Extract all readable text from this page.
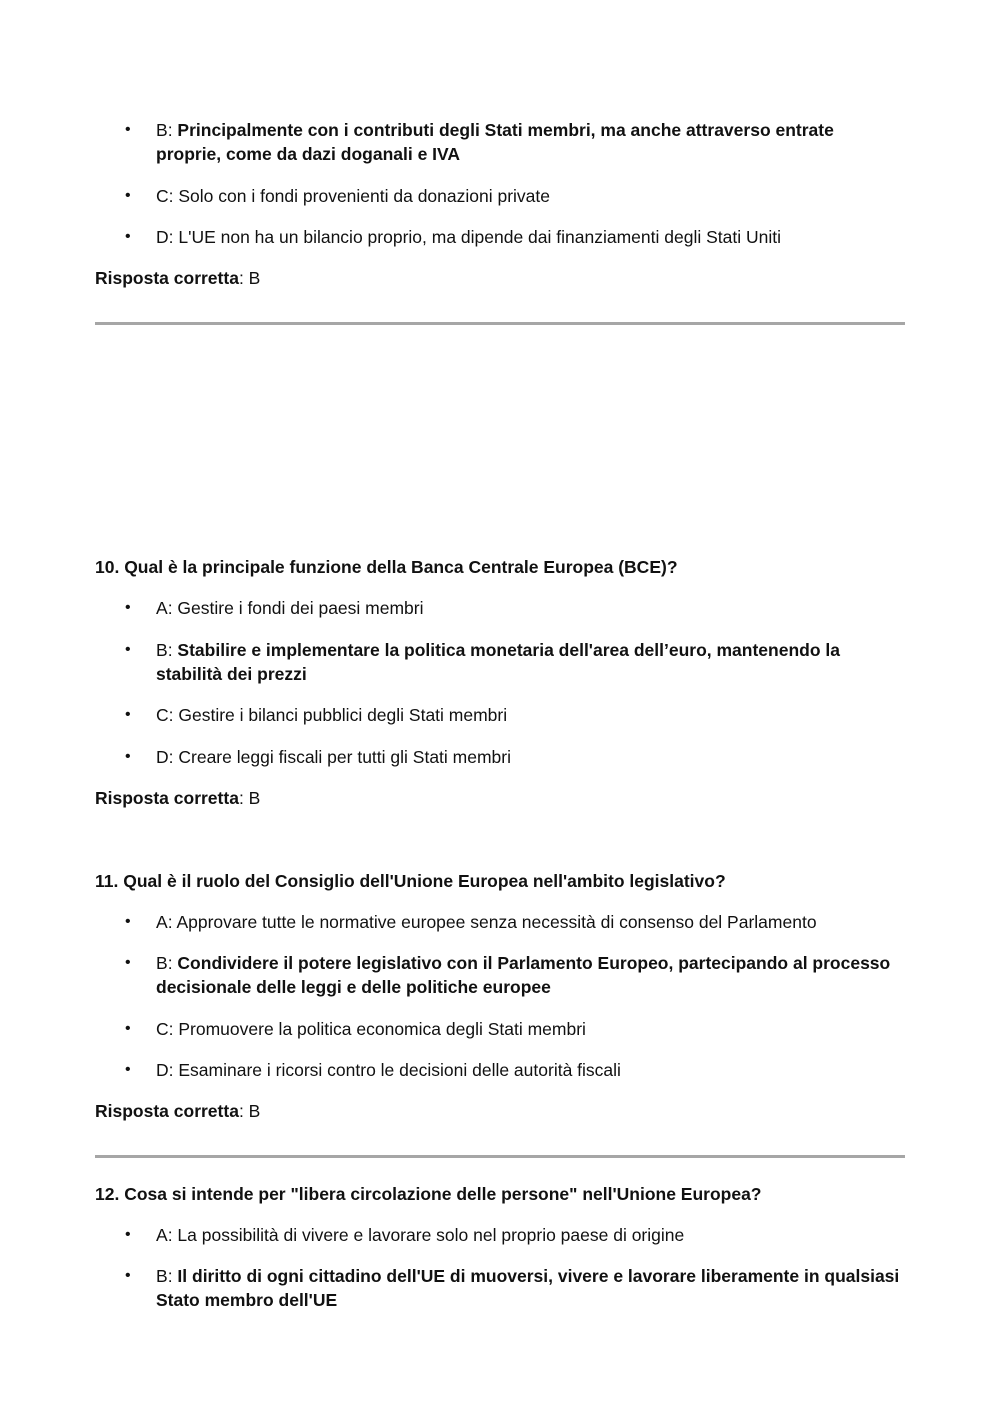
• B: Principalmente con i contributi degli Stati membri, ma anche attraverso entrate proprie, come da dazi doganali e IVA
• C: Solo con i fondi provenienti da donazioni private
• D: L'UE non ha un bilancio proprio, ma dipende dai finanziamenti degli Stati Uniti
Risposta corretta: B
10. Qual è la principale funzione della Banca Centrale Europea (BCE)?
• A: Gestire i fondi dei paesi membri
• B: Stabilire e implementare la politica monetaria dell'area dell’euro, mantenendo la stabilità dei prezzi
• C: Gestire i bilanci pubblici degli Stati membri
• D: Creare leggi fiscali per tutti gli Stati membri
Risposta corretta: B
11. Qual è il ruolo del Consiglio dell'Unione Europea nell'ambito legislativo?
• A: Approvare tutte le normative europee senza necessità di consenso del Parlamento
• B: Condividere il potere legislativo con il Parlamento Europeo, partecipando al processo decisionale delle leggi e delle politiche europee
• C: Promuovere la politica economica degli Stati membri
• D: Esaminare i ricorsi contro le decisioni delle autorità fiscali
Risposta corretta: B
12. Cosa si intende per "libera circolazione delle persone" nell'Unione Europea?
• A: La possibilità di vivere e lavorare solo nel proprio paese di origine
• B: Il diritto di ogni cittadino dell'UE di muoversi, vivere e lavorare liberamente in qualsiasi Stato membro dell'UE
